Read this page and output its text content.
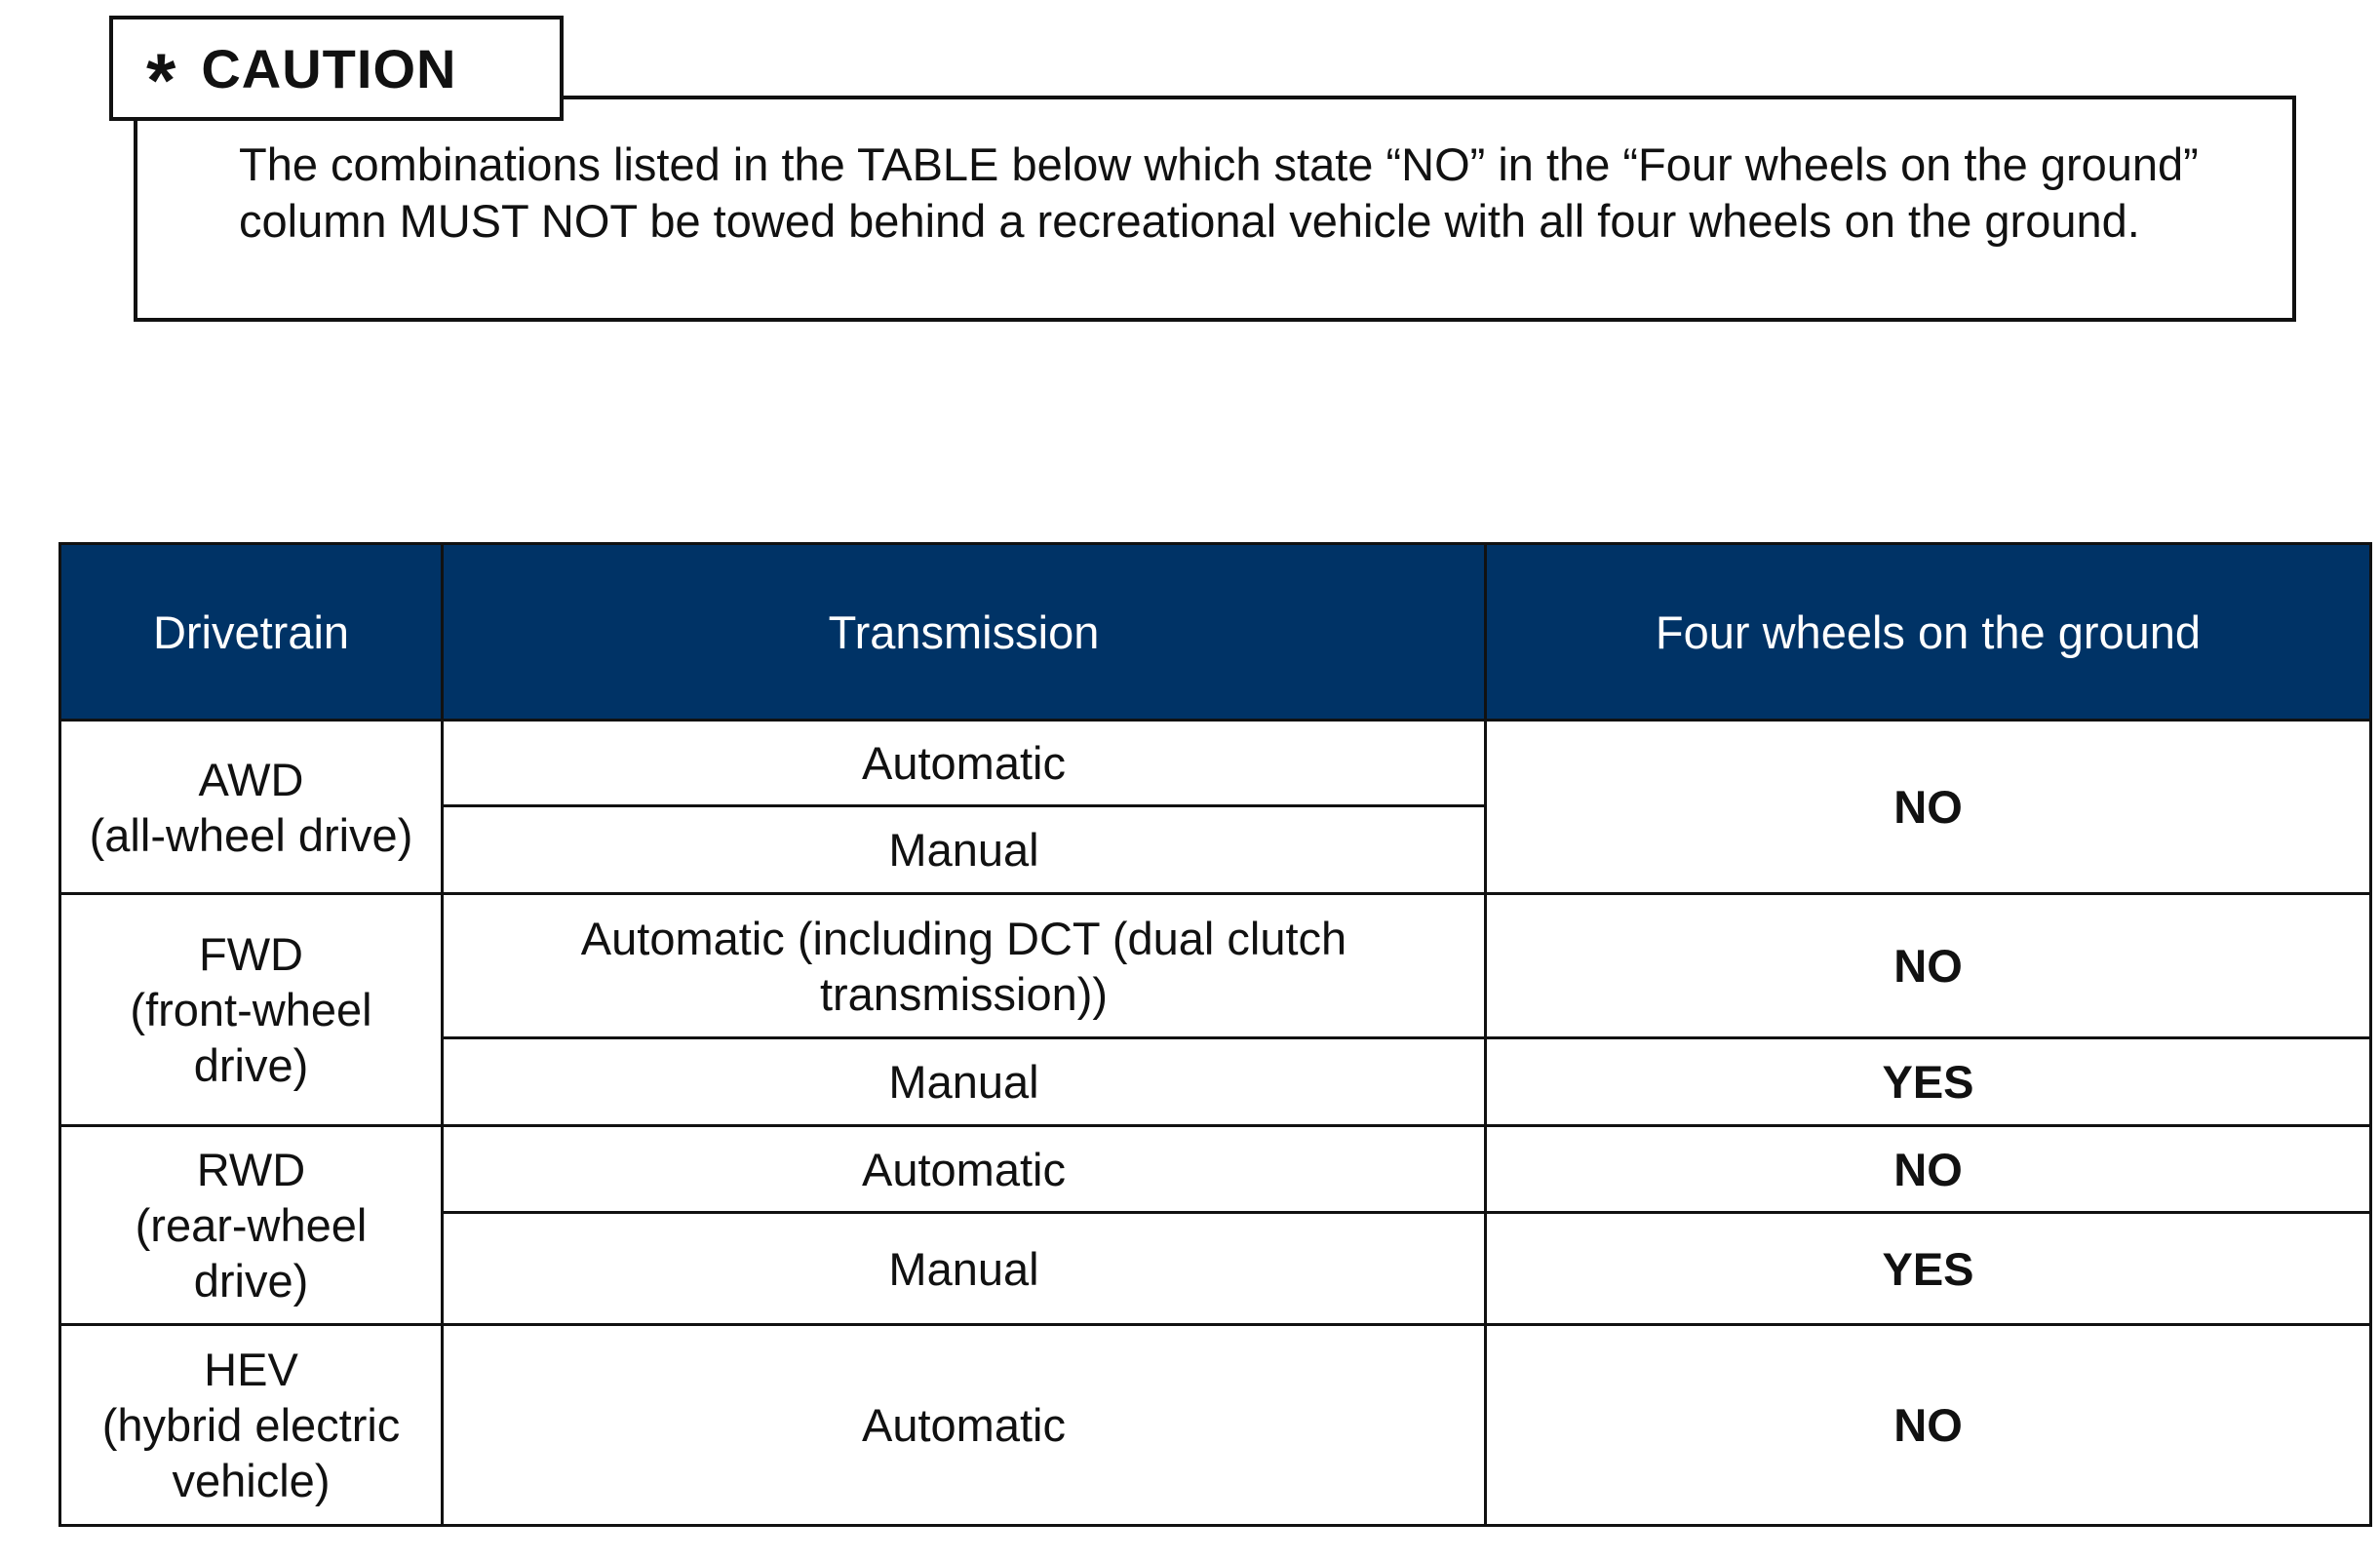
The combinations listed in the TABLE below which state “NO” in the “Four wheels on the ground” column MUST NOT be towed behind a recreational vehicle with all four wheels on the ground.

* CAUTION
Drivetrain	Transmission	Four wheels on the ground
AWD
(all-wheel drive)	Automatic	NO
	Manual	
FWD
(front-wheel
drive)	Automatic (including DCT (dual clutch transmission))	NO
	Manual	YES
RWD
(rear-wheel
drive)	Automatic	NO
	Manual	YES
HEV
(hybrid electric
vehicle)	Automatic	NO
